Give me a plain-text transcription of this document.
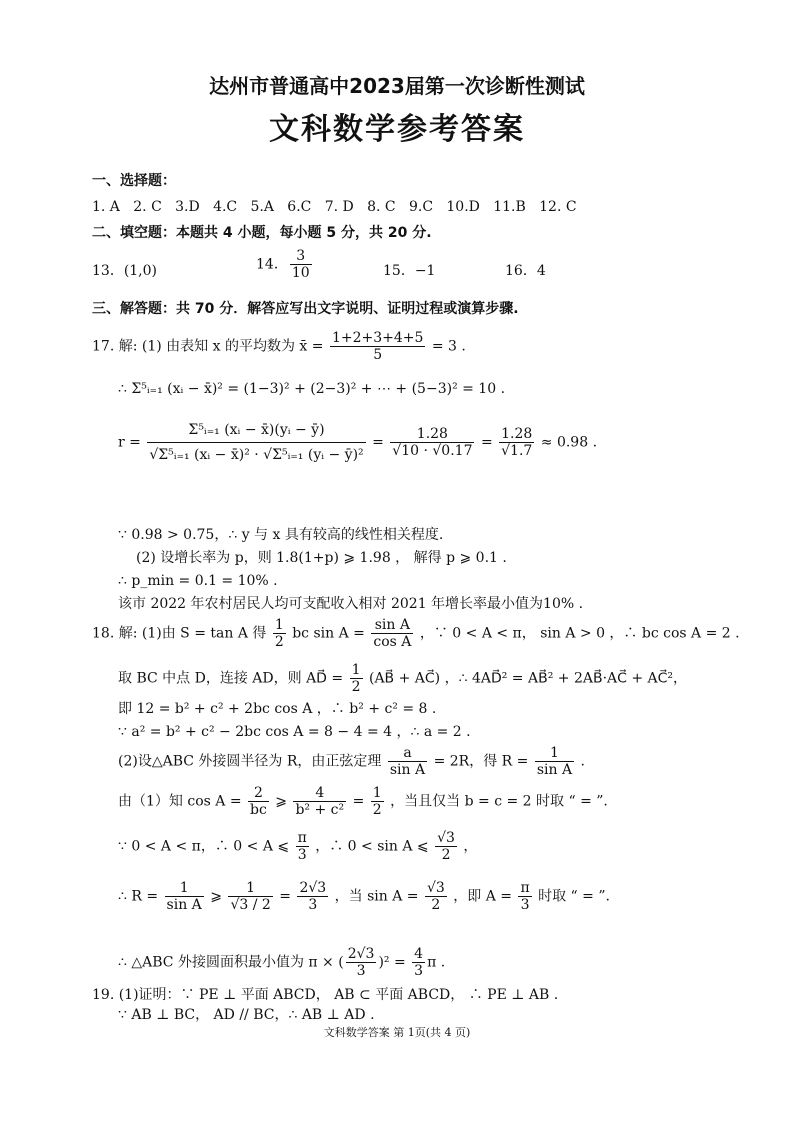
达州市普通高中2023届第一次诊断性测试
文科数学参考答案
一、选择题：
1. A   2. C   3.D   4.C   5.A   6.C   7. D   8. C   9.C   10.D   11.B   12. C
二、填空题：本题共 4 小题，每小题 5 分，共 20 分.
13．(1,0)	14． $\frac{3}{10}$	15．−1	16．4
三、解答题：共 70 分．解答应写出文字说明、证明过程或演算步骤.
17. 解: (1) 由表知 x 的平均数为 x̄ = $\frac{1+2+3+4+5}{5} = 3$ .
∴ Σ⁵ᵢ₌₁ (xᵢ − x̄)² = (1−3)² + (2−3)² + ⋯ + (5−3)² = 10 .
$r = \frac{\text{Σ⁵ᵢ₌₁ (xᵢ − x̄)(yᵢ − ȳ)}}{\text{√Σ⁵ᵢ₌₁ (xᵢ − x̄)² · √Σ⁵ᵢ₌₁ (yᵢ − ȳ)²}} = \frac{1.28}{√10 \cdot √0.17} = \frac{1.28}{√1.7} \approx 0.98$ .
∵ 0.98 > 0.75，∴ y 与 x 具有较高的线性相关程度.
(2) 设增长率为 p，则 1.8(1+p) ⩾ 1.98 ， 解得 p ⩾ 0.1 .
∴ p_min = 0.1 = 10% .
该市 2022 年农村居民人均可支配收入相对 2021 年增长率最小值为10% .
18. 解: (1)由 S = tan A 得 $\frac{1}{2}$ bc $\sin A = \frac{\text{sin A}}{\text{cos A}}$ ，∵ 0 < A < π， sin A > 0 ，∴ bc cos A = 2 .
取 BC 中点 D，连接 AD，则 AD⃗ = $\frac{1}{2}$ (AB⃗ + AC⃗) ，∴ 4AD⃗² = AB⃗² + 2AB⃗·AC⃗ + AC⃗²，
即 12 = b² + c² + 2bc cos A ，∴ b² + c² = 8 .
∵ a² = b² + c² − 2bc cos A = 8 − 4 = 4 ，∴ a = 2 .
(2)设△ABC 外接圆半径为 R，由正弦定理 $\frac{a}{\text{sin A}} = 2R$，得 $R = \frac{1}{\text{sin A}}$ .
由（1）知 $\cos A = \frac{2}{bc}$ ⩾ $\frac{4}{\text{b² + c²}} = \frac{1}{2}$ ，当且仅当 b = c = 2 时取 “ = ”.
∵ 0 < A < π，∴ 0 < A ⩽ $\frac{\pi}{3}$ ，∴ 0 < sin A ⩽ $\frac{√3}{2}$ ，
∴ $R = \frac{1}{\text{sin A}}$ ⩾ $\frac{1}{√3 / 2} = \frac{2√3}{3}$ ，当 $\sin A = \frac{√3}{2}$ ，即 $A = \frac{\pi}{3}$ 时取 “ = ”.
∴ △ABC 外接圆面积最小值为 π × ( $\frac{2√3}{3} )^2 = \frac{4}{3}$ π .
19. (1)证明：∵ PE ⊥ 平面 ABCD， AB ⊂ 平面 ABCD， ∴ PE ⊥ AB .
∵ AB ⊥ BC， AD // BC，∴ AB ⊥ AD .
文科数学答案 第 1页(共 4 页)
